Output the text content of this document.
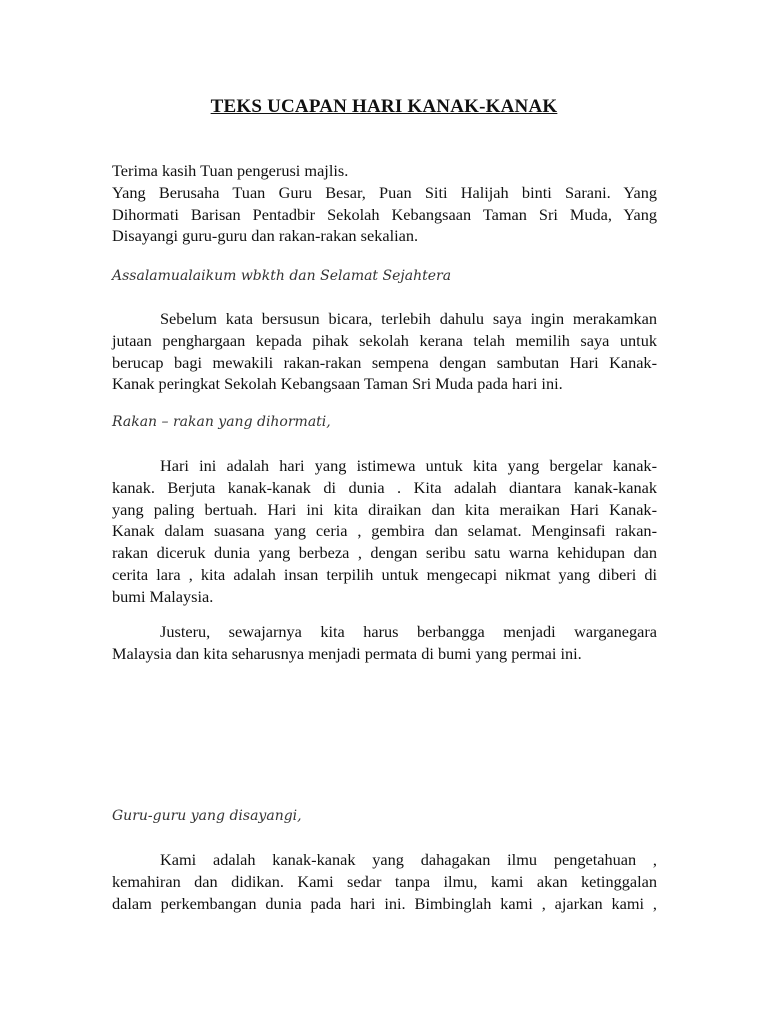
TEKS UCAPAN HARI KANAK-KANAK
Terima kasih Tuan pengerusi majlis.
Yang Berusaha Tuan Guru Besar, Puan Siti Halijah binti Sarani. Yang
Dihormati Barisan Pentadbir Sekolah Kebangsaan Taman Sri Muda, Yang
Disayangi guru-guru dan rakan-rakan sekalian.
Assalamualaikum wbkth dan Selamat Sejahtera
Sebelum kata bersusun bicara, terlebih dahulu saya ingin merakamkan
jutaan penghargaan kepada pihak sekolah kerana telah memilih saya untuk
berucap bagi mewakili rakan-rakan sempena dengan sambutan Hari Kanak-
Kanak peringkat Sekolah Kebangsaan Taman Sri Muda pada hari ini.
Rakan – rakan yang dihormati,
Hari ini adalah hari yang istimewa untuk kita yang bergelar kanak-
kanak. Berjuta kanak-kanak di dunia . Kita adalah diantara kanak-kanak
yang paling bertuah. Hari ini kita diraikan dan kita meraikan Hari Kanak-
Kanak dalam suasana yang ceria , gembira dan selamat. Menginsafi rakan-
rakan diceruk dunia yang berbeza , dengan seribu satu warna kehidupan dan
cerita lara , kita adalah insan terpilih untuk mengecapi nikmat yang diberi di
bumi Malaysia.
Justeru, sewajarnya kita harus berbangga menjadi warganegara
Malaysia dan kita seharusnya menjadi permata di bumi yang permai ini.
Guru-guru yang disayangi,
Kami adalah kanak-kanak yang dahagakan ilmu pengetahuan ,
kemahiran dan didikan. Kami sedar tanpa ilmu, kami akan ketinggalan
dalam perkembangan dunia pada hari ini. Bimbinglah kami , ajarkan kami ,
